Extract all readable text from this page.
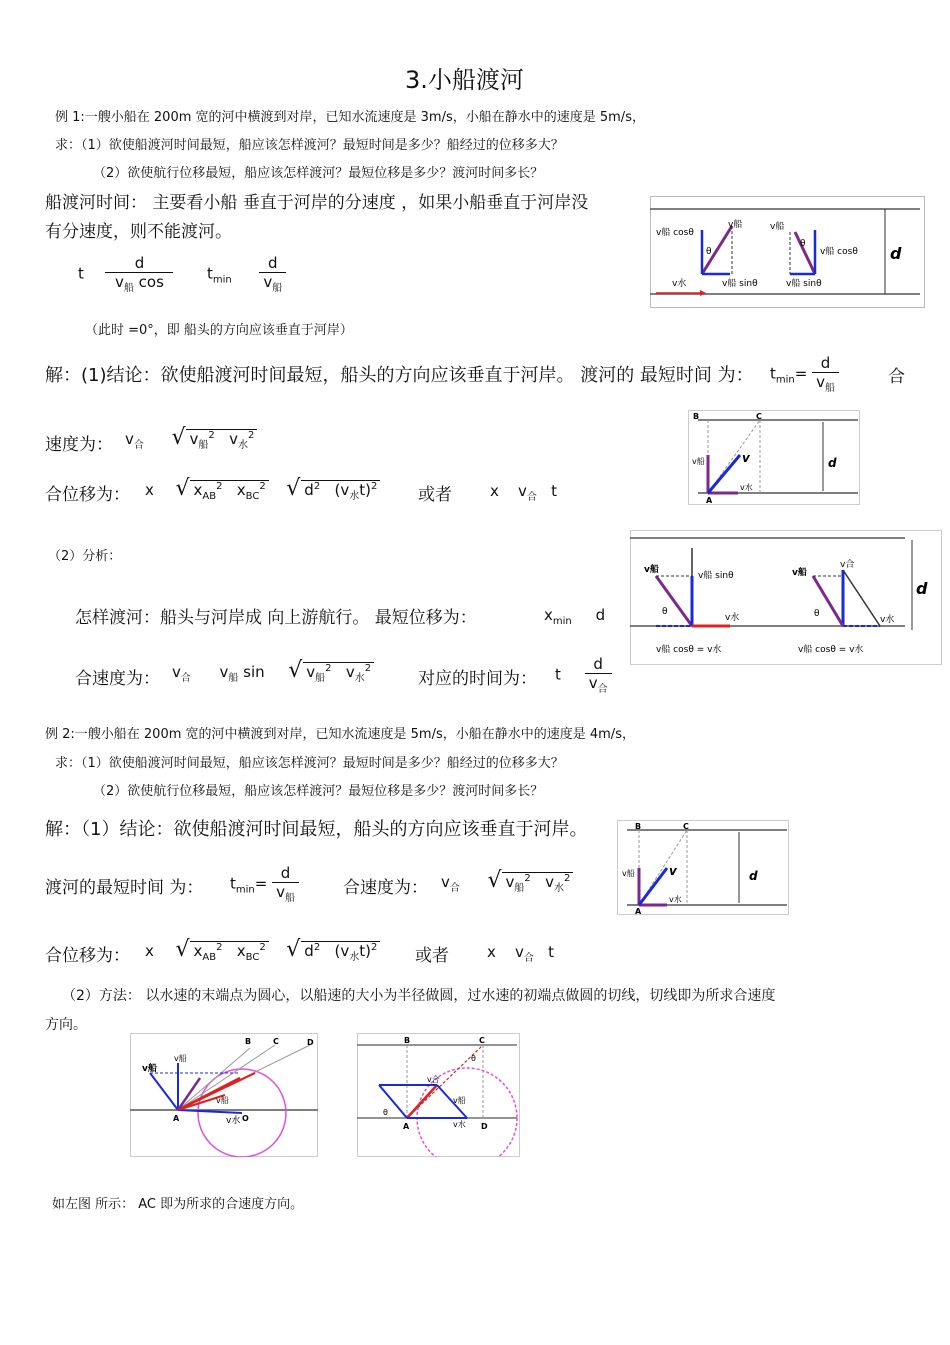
3.小船渡河
例 1:一艘小船在 200m 宽的河中横渡到对岸，已知水流速度是 3m/s，小船在静水中的速度是 5m/s，
求：（1）欲使船渡河时间最短，船应该怎样渡河？最短时间是多少？船经过的位移多大？
（2）欲使航行位移最短，船应该怎样渡河？最短位移是多少？渡河时间多长？
船渡河时间： 主要看小船 垂直于河岸的分速度 ，如果小船垂直于河岸没
有分速度，则不能渡河。
t $\frac{d}{v_船 \cos} t_{min} \frac{d}{v_船}$
（此时 =0°，即 船头的方向应该垂直于河岸）
d
v船 cosθ
v船
θ
v船 sinθ
v船
θ
v船 cosθ
v船 sinθ
v水
解：(1)结论：欲使船渡河时间最短，船头的方向应该垂直于河岸。 渡河的 最短时间 为： $t_{min}= \frac{d}{v_船}$	合
速度为： $v_合$ √ $v_船^2$ $v_水^2$
合位移为： x √ $x_{AB}^2$ $x_{BC}^2$ √ $d^2$   $(v_水t)^2$ 或者	x $v_合$   t
B	C
A
d
v
v船
v水
（2）分析：
怎样渡河：船头与河岸成 向上游航行。 最短位移为：	$x_{min}$ d
合速度为： $v_合$ $v_船$ sin √ $v_船^2$ $v_水^2$
对应的时间为： t $\frac{d}{v_合}$
d
v船
v船 sinθ
θ
v水
v船
v合
θ
v水
v船 cosθ = v水	v船 cosθ = v水
例 2:一艘小船在 200m 宽的河中横渡到对岸，已知水流速度是 5m/s，小船在静水中的速度是 4m/s，
求：（1）欲使船渡河时间最短，船应该怎样渡河？最短时间是多少？船经过的位移多大？
（2）欲使航行位移最短，船应该怎样渡河？最短位移是多少？渡河时间多长？
解：（1）结论：欲使船渡河时间最短，船头的方向应该垂直于河岸。
渡河的最短时间 为： $t_{min}= \frac{d}{v_船}$	合速度为： $v_合$ √ $v_船^2$ $v_水^2$
B	C
A
d
v
v船
v水
合位移为： x √ $x_{AB}^2$ $x_{BC}^2$ √ $d^2$   $(v_水t)^2$ 或者	x $v_合$   t
（2）方法： 以水速的末端点为圆心，以船速的大小为半径做圆，过水速的初端点做圆的切线，切线即为所求合速度
方向。
B	C	D
A	O
v船
v船
v水
v船
B	C
A	D
θ
θ
v合
v船
v水
如左图 所示： AC 即为所求的合速度方向。
